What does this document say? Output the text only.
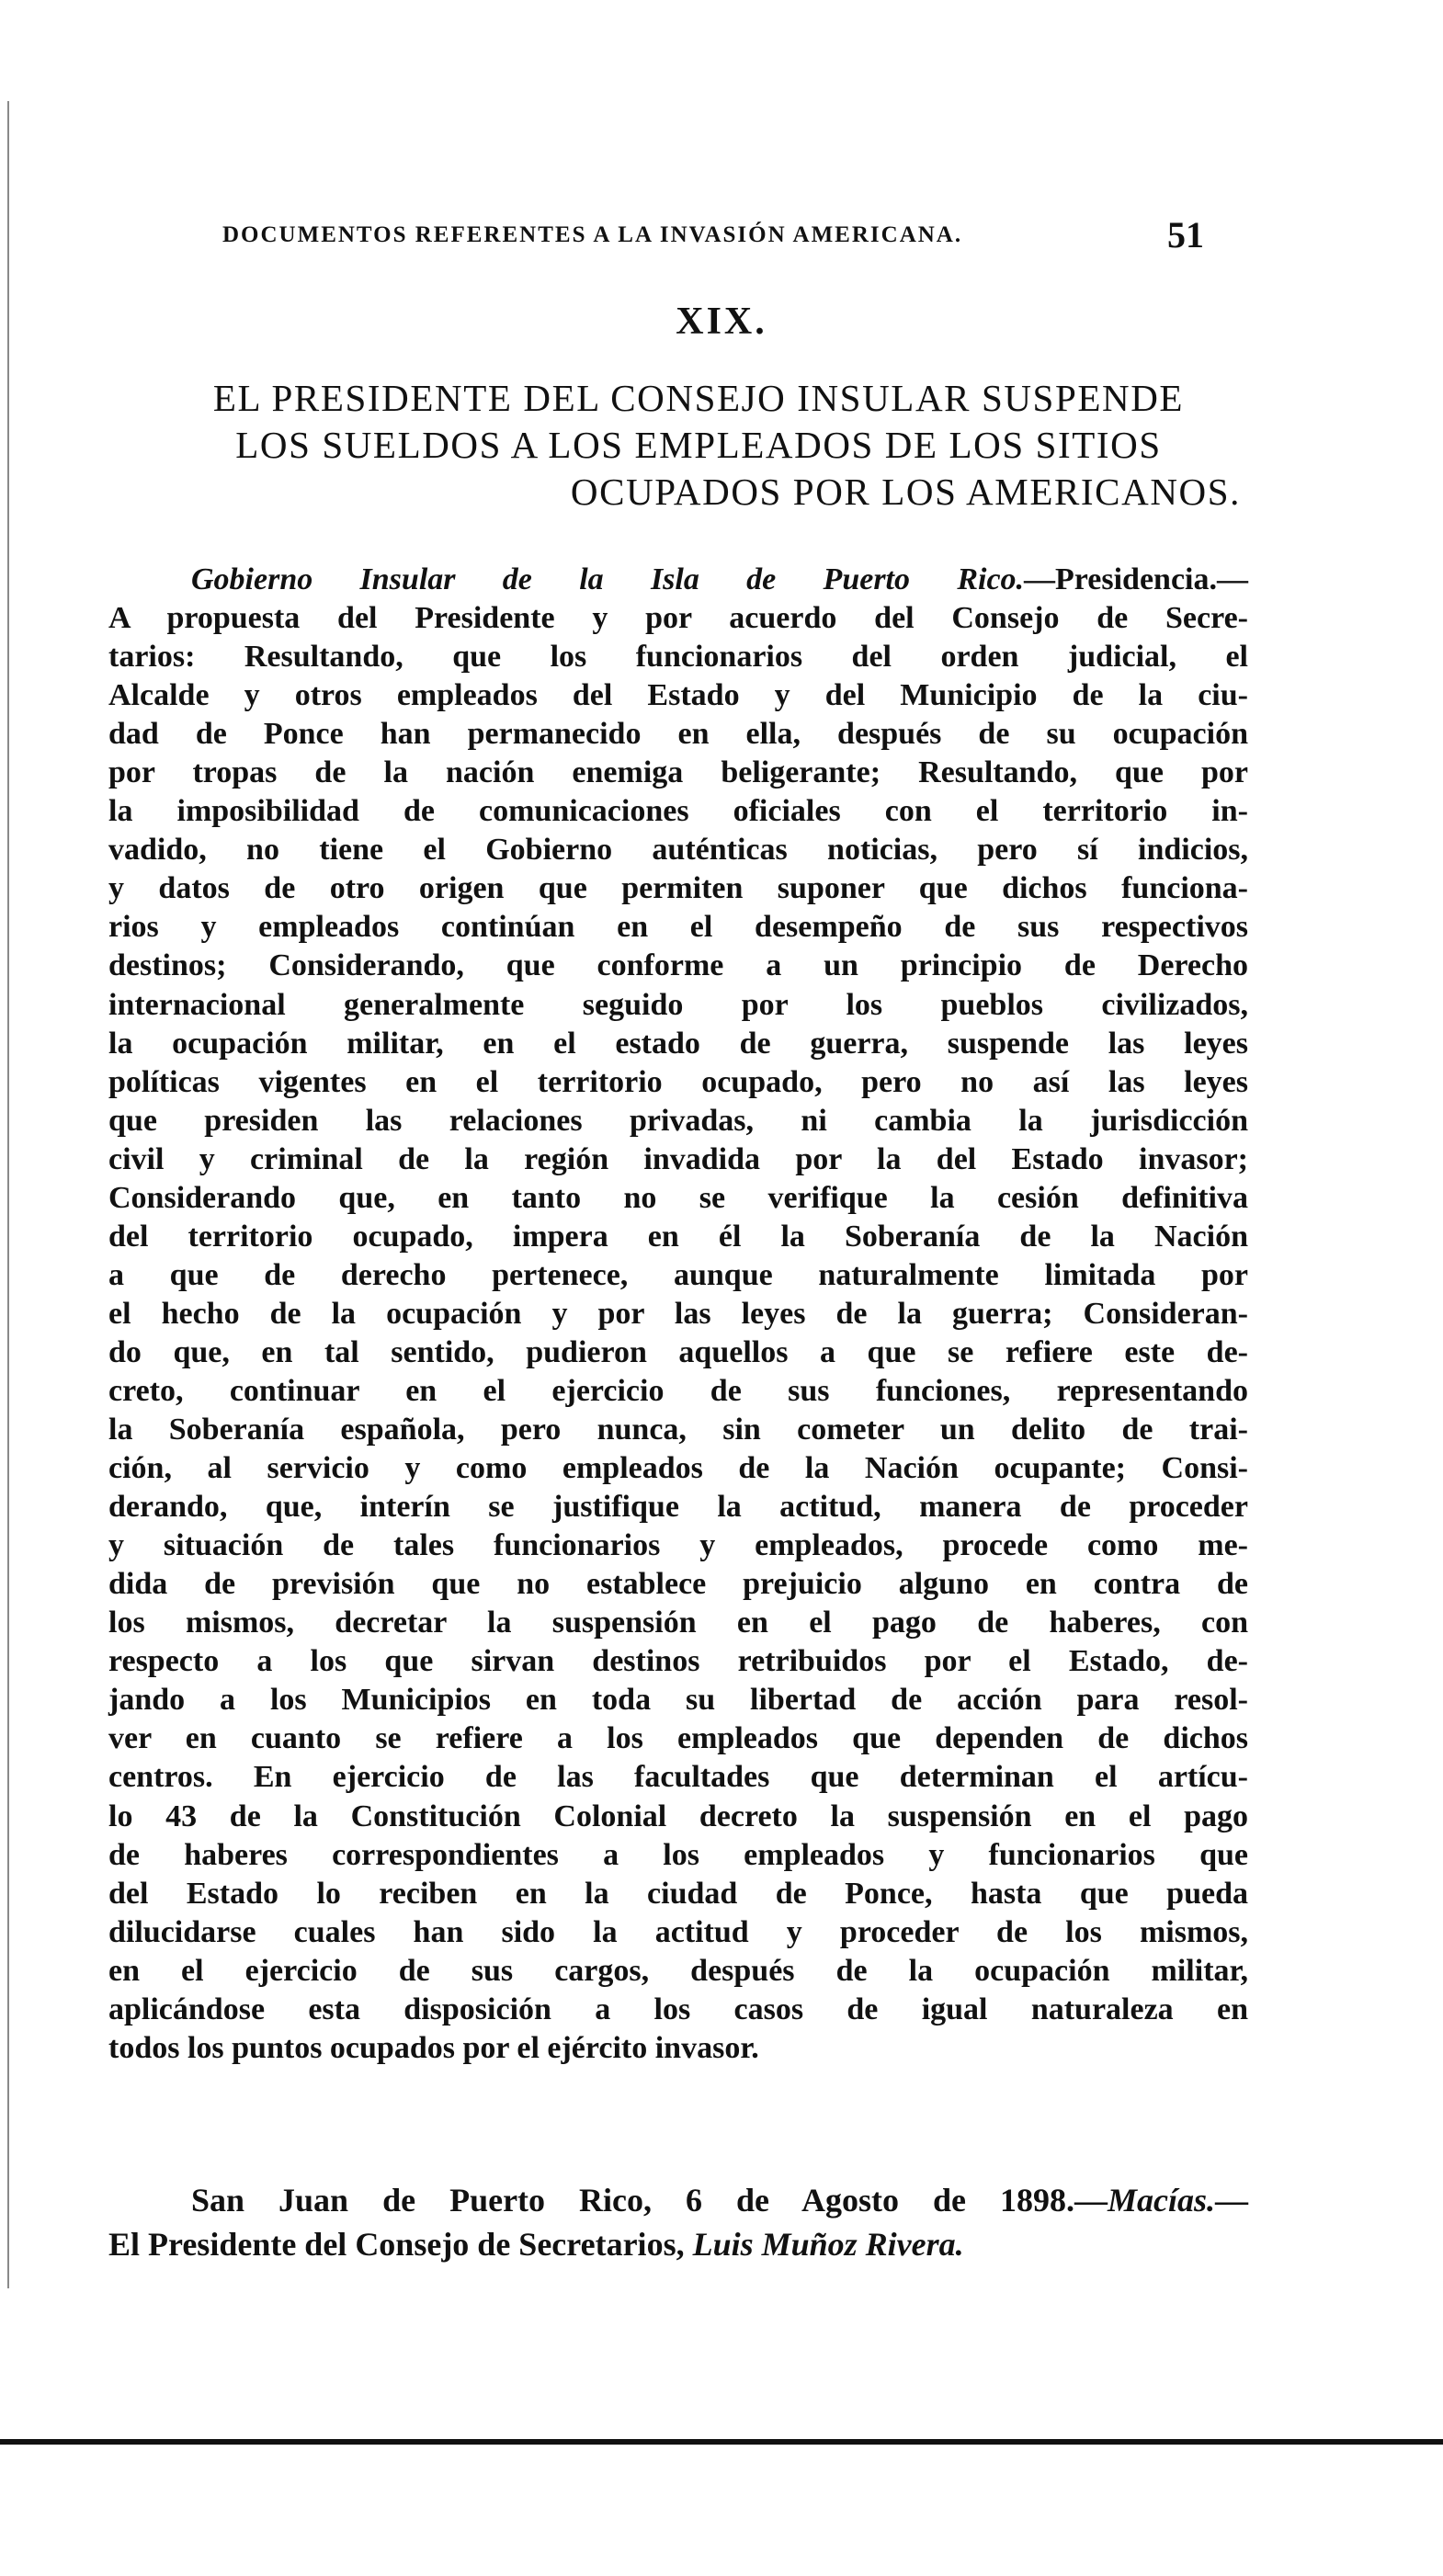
DOCUMENTOS REFERENTES A LA INVASIÓN AMERICANA.	51
XIX.
EL PRESIDENTE DEL CONSEJO INSULAR SUSPENDE
LOS SUELDOS A LOS EMPLEADOS DE LOS SITIOS
OCUPADOS POR LOS AMERICANOS.
Gobierno Insular de la Isla de Puerto Rico.—Presidencia.—
A propuesta del Presidente y por acuerdo del Consejo de Secre-
tarios: Resultando, que los funcionarios del orden judicial, el
Alcalde y otros empleados del Estado y del Municipio de la ciu-
dad de Ponce han permanecido en ella, después de su ocupación
por tropas de la nación enemiga beligerante; Resultando, que por
la imposibilidad de comunicaciones oficiales con el territorio in-
vadido, no tiene el Gobierno auténticas noticias, pero sí indicios,
y datos de otro origen que permiten suponer que dichos funciona-
rios y empleados continúan en el desempeño de sus respectivos
destinos; Considerando, que conforme a un principio de Derecho
internacional generalmente seguido por los pueblos civilizados,
la ocupación militar, en el estado de guerra, suspende las leyes
políticas vigentes en el territorio ocupado, pero no así las leyes
que presiden las relaciones privadas, ni cambia la jurisdicción
civil y criminal de la región invadida por la del Estado invasor;
Considerando que, en tanto no se verifique la cesión definitiva
del territorio ocupado, impera en él la Soberanía de la Nación
a que de derecho pertenece, aunque naturalmente limitada por
el hecho de la ocupación y por las leyes de la guerra; Consideran-
do que, en tal sentido, pudieron aquellos a que se refiere este de-
creto, continuar en el ejercicio de sus funciones, representando
la Soberanía española, pero nunca, sin cometer un delito de trai-
ción, al servicio y como empleados de la Nación ocupante; Consi-
derando, que, interín se justifique la actitud, manera de proceder
y situación de tales funcionarios y empleados, procede como me-
dida de previsión que no establece prejuicio alguno en contra de
los mismos, decretar la suspensión en el pago de haberes, con
respecto a los que sirvan destinos retribuidos por el Estado, de-
jando a los Municipios en toda su libertad de acción para resol-
ver en cuanto se refiere a los empleados que dependen de dichos
centros. En ejercicio de las facultades que determinan el artícu-
lo 43 de la Constitución Colonial decreto la suspensión en el pago
de haberes correspondientes a los empleados y funcionarios que
del Estado lo reciben en la ciudad de Ponce, hasta que pueda
dilucidarse cuales han sido la actitud y proceder de los mismos,
en el ejercicio de sus cargos, después de la ocupación militar,
aplicándose esta disposición a los casos de igual naturaleza en
todos los puntos ocupados por el ejército invasor.
San Juan de Puerto Rico, 6 de Agosto de 1898.—Macías.—
El Presidente del Consejo de Secretarios, Luis Muñoz Rivera.
